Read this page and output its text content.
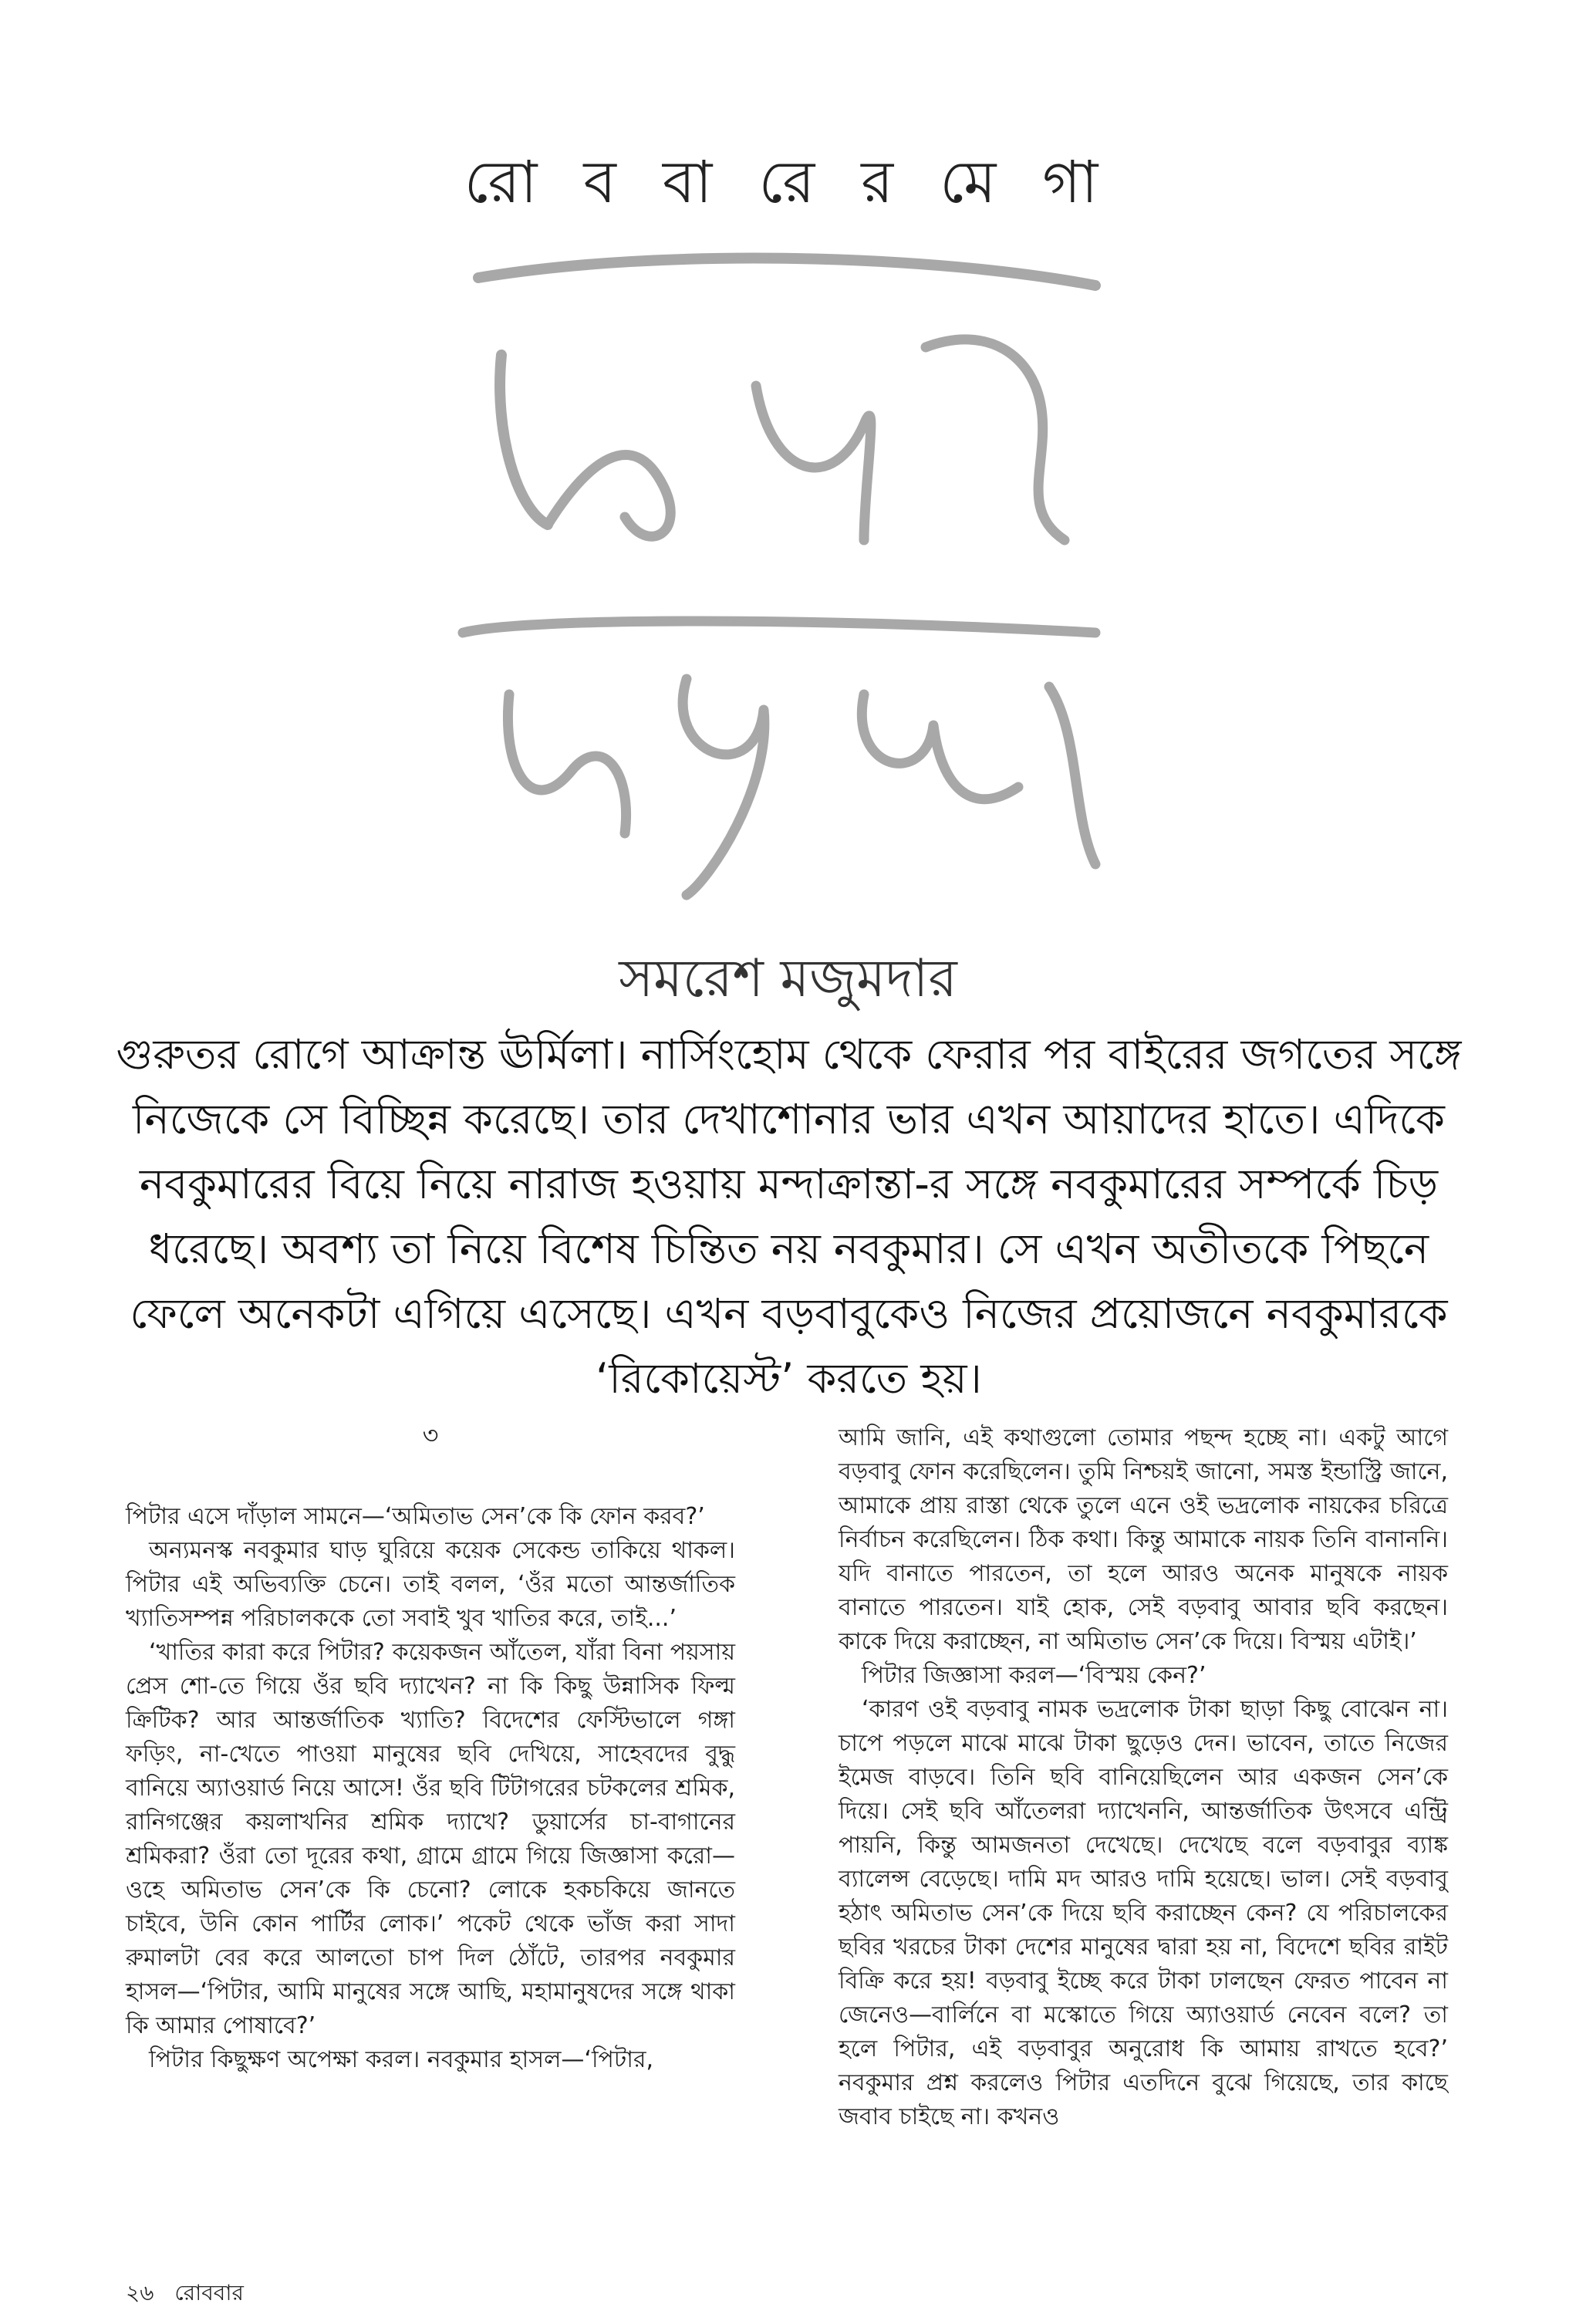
রো ব বা রে র মে গা
সমরেশ মজুমদার
গুরুতর রোগে আক্রান্ত ঊর্মিলা। নার্সিংহোম থেকে ফেরার পর বাইরের জগতের সঙ্গে নিজেকে সে বিচ্ছিন্ন করেছে। তার দেখাশোনার ভার এখন আয়াদের হাতে। এদিকে নবকুমারের বিয়ে নিয়ে নারাজ হওয়ায় মন্দাক্রান্তা-র সঙ্গে নবকুমারের সম্পর্কে চিড় ধরেছে। অবশ্য তা নিয়ে বিশেষ চিন্তিত নয় নবকুমার। সে এখন অতীতকে পিছনে ফেলে অনেকটা এগিয়ে এসেছে। এখন বড়বাবুকেও নিজের প্রয়োজনে নবকুমারকে ‘রিকোয়েস্ট’ করতে হয়।
৩

পিটার এসে দাঁড়াল সামনে—‘অমিতাভ সেন’কে কি ফোন করব?’

অন্যমনস্ক নবকুমার ঘাড় ঘুরিয়ে কয়েক সেকেন্ড তাকিয়ে থাকল। পিটার এই অভিব্যক্তি চেনে। তাই বলল, ‘ওঁর মতো আন্তর্জাতিক খ্যাতিসম্পন্ন পরিচালককে তো সবাই খুব খাতির করে, তাই...’

‘খাতির কারা করে পিটার? কয়েকজন আঁতেল, যাঁরা বিনা পয়সায় প্রেস শো-তে গিয়ে ওঁর ছবি দ্যাখেন? না কি কিছু উন্নাসিক ফিল্ম ক্রিটিক? আর আন্তর্জাতিক খ্যাতি? বিদেশের ফেস্টিভালে গঙ্গা ফড়িং, না-খেতে পাওয়া মানুষের ছবি দেখিয়ে, সাহেবদের বুদ্ধু বানিয়ে অ্যাওয়ার্ড নিয়ে আসে! ওঁর ছবি টিটাগরের চটকলের শ্রমিক, রানিগঞ্জের কয়লাখনির শ্রমিক দ্যাখে? ডুয়ার্সের চা-বাগানের শ্রমিকরা? ওঁরা তো দূরের কথা, গ্রামে গ্রামে গিয়ে জিজ্ঞাসা করো—ওহে অমিতাভ সেন’কে কি চেনো? লোকে হকচকিয়ে জানতে চাইবে, উনি কোন পার্টির লোক।’ পকেট থেকে ভাঁজ করা সাদা রুমালটা বের করে আলতো চাপ দিল ঠোঁটে, তারপর নবকুমার হাসল—‘পিটার, আমি মানুষের সঙ্গে আছি, মহামানুষদের সঙ্গে থাকা কি আমার পোষাবে?’

পিটার কিছুক্ষণ অপেক্ষা করল। নবকুমার হাসল—‘পিটার,

আমি জানি, এই কথাগুলো তোমার পছন্দ হচ্ছে না। একটু আগে বড়বাবু ফোন করেছিলেন। তুমি নিশ্চয়ই জানো, সমস্ত ইন্ডাস্ট্রি জানে, আমাকে প্রায় রাস্তা থেকে তুলে এনে ওই ভদ্রলোক নায়কের চরিত্রে নির্বাচন করেছিলেন। ঠিক কথা। কিন্তু আমাকে নায়ক তিনি বানাননি। যদি বানাতে পারতেন, তা হলে আরও অনেক মানুষকে নায়ক বানাতে পারতেন। যাই হোক, সেই বড়বাবু আবার ছবি করছেন। কাকে দিয়ে করাচ্ছেন, না অমিতাভ সেন’কে দিয়ে। বিস্ময় এটাই।’

পিটার জিজ্ঞাসা করল—‘বিস্ময় কেন?’

‘কারণ ওই বড়বাবু নামক ভদ্রলোক টাকা ছাড়া কিছু বোঝেন না। চাপে পড়লে মাঝে মাঝে টাকা ছুড়েও দেন। ভাবেন, তাতে নিজের ইমেজ বাড়বে। তিনি ছবি বানিয়েছিলেন আর একজন সেন’কে দিয়ে। সেই ছবি আঁতেলরা দ্যাখেননি, আন্তর্জাতিক উৎসবে এন্ট্রি পায়নি, কিন্তু আমজনতা দেখেছে। দেখেছে বলে বড়বাবুর ব্যাঙ্ক ব্যালেন্স বেড়েছে। দামি মদ আরও দামি হয়েছে। ভাল। সেই বড়বাবু হঠাৎ অমিতাভ সেন’কে দিয়ে ছবি করাচ্ছেন কেন? যে পরিচালকের ছবির খরচের টাকা দেশের মানুষের দ্বারা হয় না, বিদেশে ছবির রাইট বিক্রি করে হয়! বড়বাবু ইচ্ছে করে টাকা ঢালছেন ফেরত পাবেন না জেনেও—বার্লিনে বা মস্কোতে গিয়ে অ্যাওয়ার্ড নেবেন বলে? তা হলে পিটার, এই বড়বাবুর অনুরোধ কি আমায় রাখতে হবে?’ নবকুমার প্রশ্ন করলেও পিটার এতদিনে বুঝে গিয়েছে, তার কাছে জবাব চাইছে না। কখনও

২৬ রোববার
